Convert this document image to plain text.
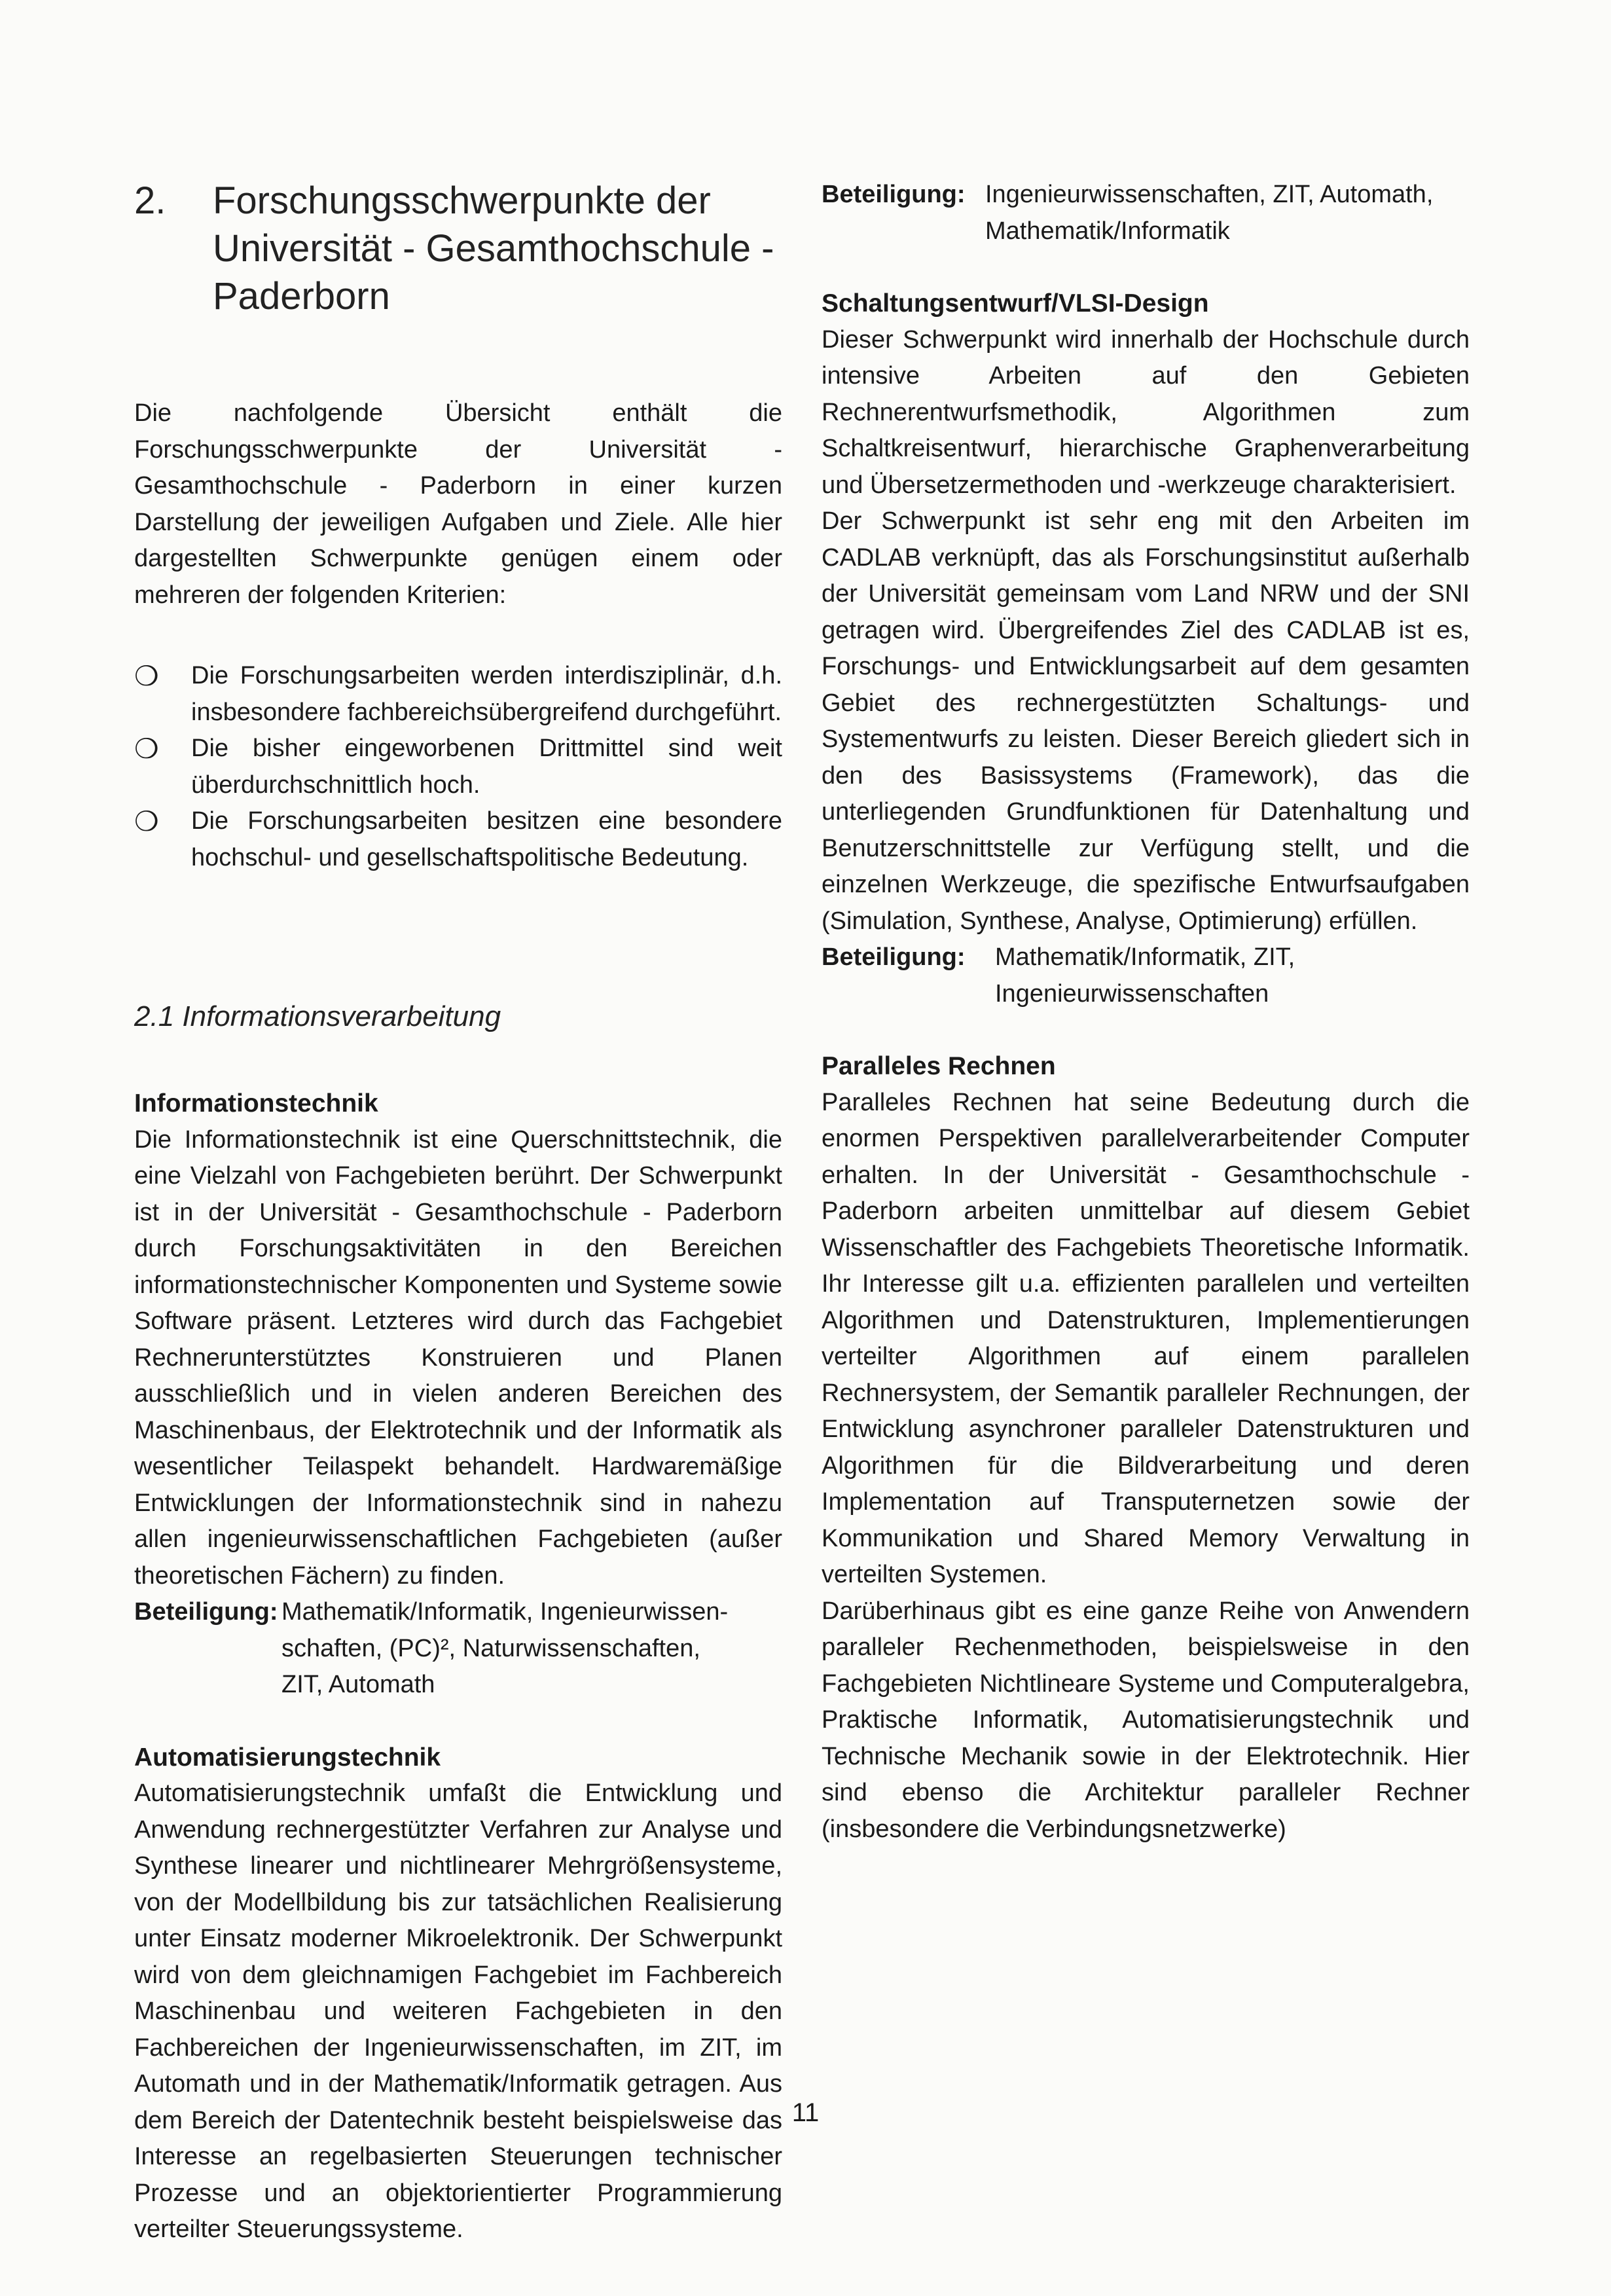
2.	Forschungsschwerpunkte der
Universität - Gesamthochschule -
Paderborn

Die nachfolgende Übersicht enthält die Forschungsschwerpunkte der Universität - Gesamthochschule - Paderborn in einer kurzen Darstellung der jeweiligen Aufgaben und Ziele. Alle hier dargestellten Schwerpunkte genügen einem oder mehreren der folgenden Kriterien:

❍	Die Forschungsarbeiten werden interdisziplinär, d.h. insbesondere fachbereichsübergreifend durchgeführt.

❍	Die bisher eingeworbenen Drittmittel sind weit überdurchschnittlich hoch.

❍	Die Forschungsarbeiten besitzen eine besondere hochschul- und gesellschaftspolitische Bedeutung.

2.1 Informationsverarbeitung
Informationstechnik

Die Informationstechnik ist eine Querschnittstechnik, die eine Vielzahl von Fachgebieten berührt. Der Schwerpunkt ist in der Universität - Gesamthochschule - Paderborn durch Forschungsaktivitäten in den Bereichen informationstechnischer Komponenten und Systeme sowie Software präsent. Letzteres wird durch das Fachgebiet Rechnerunterstütztes Konstruieren und Planen ausschließlich und in vielen anderen Bereichen des Maschinenbaus, der Elektrotechnik und der Informatik als wesentlicher Teilaspekt behandelt. Hardwaremäßige Entwicklungen der Informationstechnik sind in nahezu allen ingenieurwissenschaftlichen Fachgebieten (außer theoretischen Fächern) zu finden.

Beteiligung: Mathematik/Informatik, Ingenieurwissen-
schaften, (PC)², Naturwissenschaften,
ZIT, Automath
Automatisierungstechnik

Automatisierungstechnik umfaßt die Entwicklung und Anwendung rechnergestützter Verfahren zur Analyse und Synthese linearer und nichtlinearer Mehrgrößensysteme, von der Modellbildung bis zur tatsächlichen Realisierung unter Einsatz moderner Mikroelektronik. Der Schwerpunkt wird von dem gleichnamigen Fachgebiet im Fachbereich Maschinenbau und weiteren Fachgebieten in den Fachbereichen der Ingenieurwissenschaften, im ZIT, im Automath und in der Mathematik/Informatik getragen. Aus dem Bereich der Datentechnik besteht beispielsweise das Interesse an regelbasierten Steuerungen technischer Prozesse und an objektorientierter Programmierung verteilter Steuerungssysteme.

Beteiligung: Ingenieurwissenschaften, ZIT, Automath,
Mathematik/Informatik
Schaltungsentwurf/VLSI-Design

Dieser Schwerpunkt wird innerhalb der Hochschule durch intensive Arbeiten auf den Gebieten Rechnerentwurfsmethodik, Algorithmen zum Schaltkreisentwurf, hierarchische Graphenverarbeitung und Übersetzermethoden und -werkzeuge charakterisiert.

Der Schwerpunkt ist sehr eng mit den Arbeiten im CADLAB verknüpft, das als Forschungsinstitut außerhalb der Universität gemeinsam vom Land NRW und der SNI getragen wird. Übergreifendes Ziel des CADLAB ist es, Forschungs- und Entwicklungsarbeit auf dem gesamten Gebiet des rechnergestützten Schaltungs- und Systementwurfs zu leisten. Dieser Bereich gliedert sich in den des Basissystems (Framework), das die unterliegenden Grundfunktionen für Datenhaltung und Benutzerschnittstelle zur Verfügung stellt, und die einzelnen Werkzeuge, die spezifische Entwurfsaufgaben (Simulation, Synthese, Analyse, Optimierung) erfüllen.

Beteiligung:	Mathematik/Informatik, ZIT,
Ingenieurwissenschaften
Paralleles Rechnen

Paralleles Rechnen hat seine Bedeutung durch die enormen Perspektiven parallelverarbeitender Computer erhalten. In der Universität - Gesamthochschule - Paderborn arbeiten unmittelbar auf diesem Gebiet Wissenschaftler des Fachgebiets Theoretische Informatik. Ihr Interesse gilt u.a. effizienten parallelen und verteilten Algorithmen und Datenstrukturen, Implementierungen verteilter Algorithmen auf einem parallelen Rechnersystem, der Semantik paralleler Rechnungen, der Entwicklung asynchroner paralleler Datenstrukturen und Algorithmen für die Bildverarbeitung und deren Implementation auf Transputernetzen sowie der Kommunikation und Shared Memory Verwaltung in verteilten Systemen.

Darüberhinaus gibt es eine ganze Reihe von Anwendern paralleler Rechenmethoden, beispielsweise in den Fachgebieten Nichtlineare Systeme und Computeralgebra, Praktische Informatik, Automatisierungstechnik und Technische Mechanik sowie in der Elektrotechnik. Hier sind ebenso die Architektur paralleler Rechner (insbesondere die Verbindungsnetzwerke)

11
